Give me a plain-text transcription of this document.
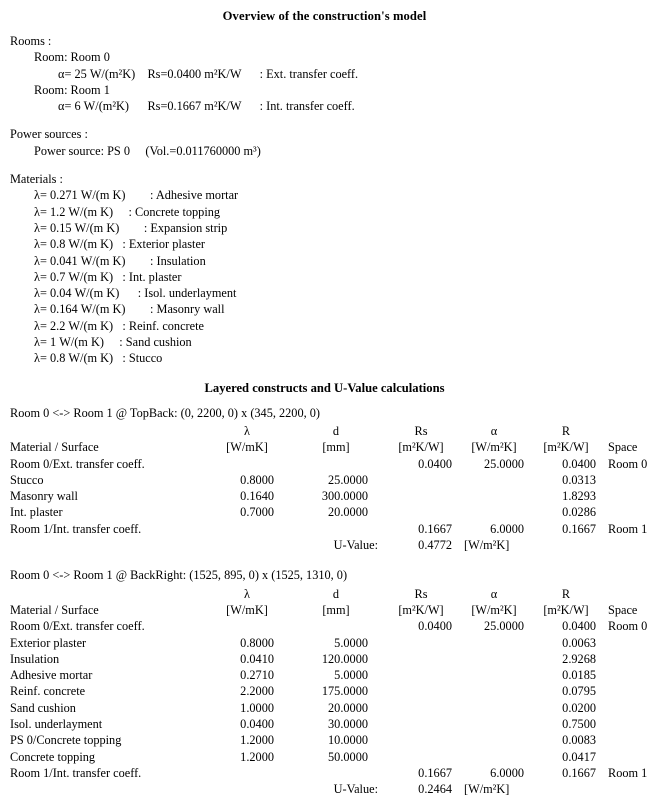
Overview of the construction's model
Rooms :
Room: Room 0
α= 25 W/(m²K)    Rs=0.0400 m²K/W      : Ext. transfer coeff.
Room: Room 1
α= 6 W/(m²K)      Rs=0.1667 m²K/W      : Int. transfer coeff.
Power sources :
Power source: PS 0     (Vol.=0.011760000 m³)
Materials :
λ= 0.271 W/(m K)        : Adhesive mortar
λ= 1.2 W/(m K)     : Concrete topping
λ= 0.15 W/(m K)        : Expansion strip
λ= 0.8 W/(m K)   : Exterior plaster
λ= 0.041 W/(m K)        : Insulation
λ= 0.7 W/(m K)   : Int. plaster
λ= 0.04 W/(m K)      : Isol. underlayment
λ= 0.164 W/(m K)        : Masonry wall
λ= 2.2 W/(m K)   : Reinf. concrete
λ= 1 W/(m K)     : Sand cushion
λ= 0.8 W/(m K)   : Stucco
Layered constructs and U-Value calculations
Room 0 <-> Room 1 @ TopBack: (0, 2200, 0) x (345, 2200, 0)
	λ	d	Rs	α	R	
Material / Surface	[W/mK]	[mm]	[m²K/W]	[W/m²K]	[m²K/W]	Space
Room 0/Ext. transfer coeff.			0.0400	25.0000	0.0400	Room 0
Stucco	0.8000	25.0000			0.0313	
Masonry wall	0.1640	300.0000			1.8293	
Int. plaster	0.7000	20.0000			0.0286	
Room 1/Int. transfer coeff.			0.1667	6.0000	0.1667	Room 1
		U-Value:	0.4772	[W/m²K]		
Room 0 <-> Room 1 @ BackRight: (1525, 895, 0) x (1525, 1310, 0)
	λ	d	Rs	α	R	
Material / Surface	[W/mK]	[mm]	[m²K/W]	[W/m²K]	[m²K/W]	Space
Room 0/Ext. transfer coeff.			0.0400	25.0000	0.0400	Room 0
Exterior plaster	0.8000	5.0000			0.0063	
Insulation	0.0410	120.0000			2.9268	
Adhesive mortar	0.2710	5.0000			0.0185	
Reinf. concrete	2.2000	175.0000			0.0795	
Sand cushion	1.0000	20.0000			0.0200	
Isol. underlayment	0.0400	30.0000			0.7500	
PS 0/Concrete topping	1.2000	10.0000			0.0083	
Concrete topping	1.2000	50.0000			0.0417	
Room 1/Int. transfer coeff.			0.1667	6.0000	0.1667	Room 1
		U-Value:	0.2464	[W/m²K]		
